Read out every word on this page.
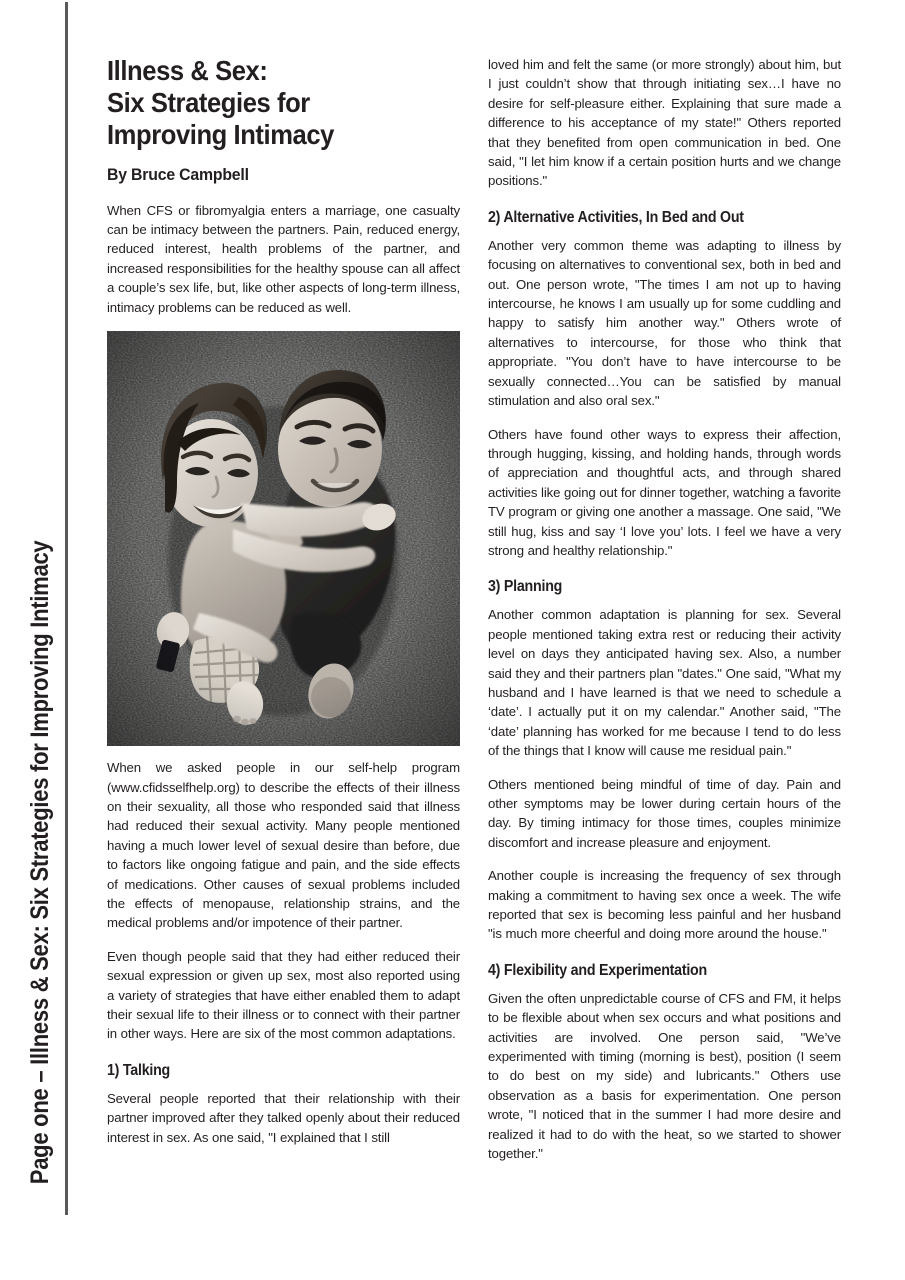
Page one – Illness & Sex: Six Strategies for Improving Intimacy
Illness & Sex:
Six Strategies for
Improving Intimacy
By Bruce Campbell

When CFS or fibromyalgia enters a marriage, one casualty can be intimacy between the partners. Pain, reduced energy, reduced interest, health problems of the partner, and increased responsibilities for the healthy spouse can all affect a couple’s sex life, but, like other aspects of long-term illness, intimacy problems can be reduced as well.

When we asked people in our self-help program (www.cfidsselfhelp.org) to describe the effects of their illness on their sexuality, all those who responded said that illness had reduced their sexual activity. Many people mentioned having a much lower level of sexual desire than before, due to factors like ongoing fatigue and pain, and the side effects of medications. Other causes of sexual problems included the effects of menopause, relationship strains, and the medical problems and/or impotence of their partner.

Even though people said that they had either reduced their sexual expression or given up sex, most also reported using a variety of strategies that have either enabled them to adapt their sexual life to their illness or to connect with their partner in other ways. Here are six of the most common adaptations.

1) Talking

Several people reported that their relationship with their partner improved after they talked openly about their reduced interest in sex. As one said, "I explained that I still

loved him and felt the same (or more strongly) about him, but I just couldn’t show that through initiating sex…I have no desire for self-pleasure either. Explaining that sure made a difference to his acceptance of my state!" Others reported that they benefited from open communication in bed. One said, "I let him know if a certain position hurts and we change positions."

2) Alternative Activities, In Bed and Out

Another very common theme was adapting to illness by focusing on alternatives to conventional sex, both in bed and out. One person wrote, "The times I am not up to having intercourse, he knows I am usually up for some cuddling and happy to satisfy him another way." Others wrote of alternatives to intercourse, for those who think that appropriate. "You don’t have to have intercourse to be sexually connected…You can be satisfied by manual stimulation and also oral sex."

Others have found other ways to express their affection, through hugging, kissing, and holding hands, through words of appreciation and thoughtful acts, and through shared activities like going out for dinner together, watching a favorite TV program or giving one another a massage. One said, "We still hug, kiss and say ‘I love you’ lots. I feel we have a very strong and healthy relationship."

3) Planning

Another common adaptation is planning for sex. Several people mentioned taking extra rest or reducing their activity level on days they anticipated having sex. Also, a number said they and their partners plan "dates." One said, "What my husband and I have learned is that we need to schedule a ‘date’. I actually put it on my calendar." Another said, "The ‘date’ planning has worked for me because I tend to do less of the things that I know will cause me residual pain."

Others mentioned being mindful of time of day. Pain and other symptoms may be lower during certain hours of the day. By timing intimacy for those times, couples minimize discomfort and increase pleasure and enjoyment.

Another couple is increasing the frequency of sex through making a commitment to having sex once a week. The wife reported that sex is becoming less painful and her husband "is much more cheerful and doing more around the house."

4) Flexibility and Experimentation

Given the often unpredictable course of CFS and FM, it helps to be flexible about when sex occurs and what positions and activities are involved. One person said, "We’ve experimented with timing (morning is best), position (I seem to do best on my side) and lubricants." Others use observation as a basis for experimentation. One person wrote, "I noticed that in the summer I had more desire and realized it had to do with the heat, so we started to shower together."
